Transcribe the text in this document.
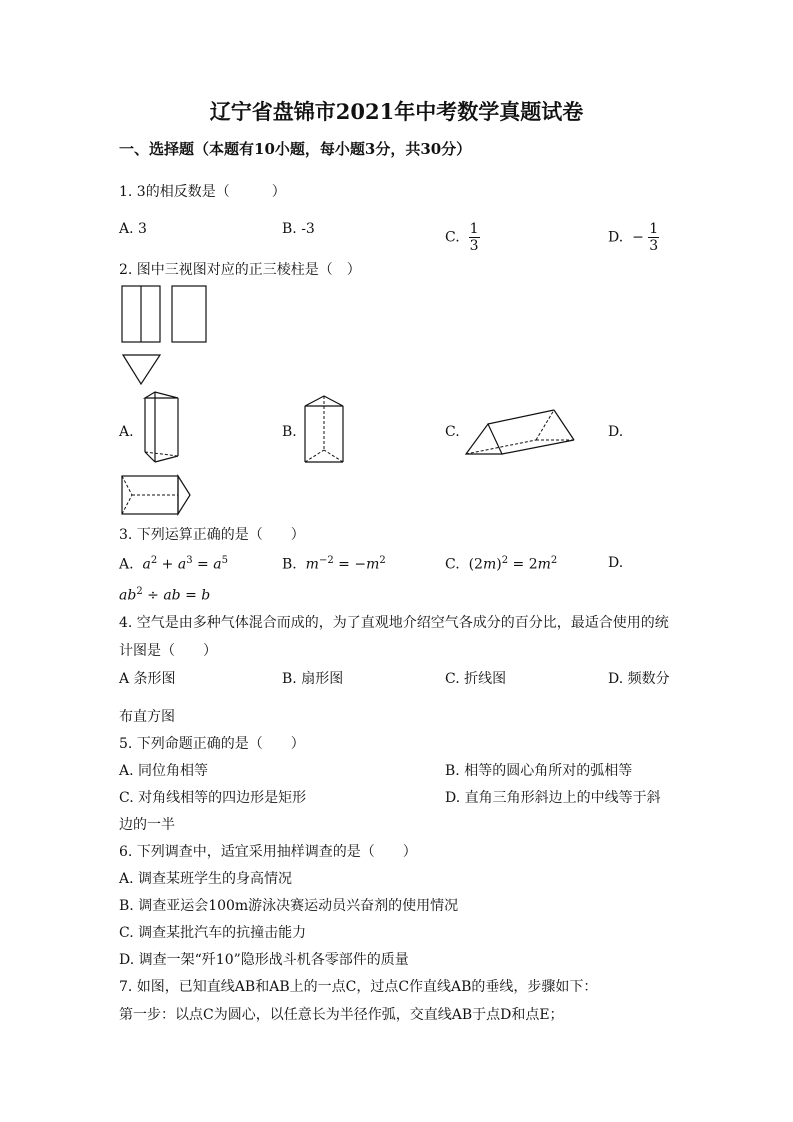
辽宁省盘锦市2021年中考数学真题试卷
一、选择题（本题有10小题，每小题3分，共30分）
1. 3的相反数是（　　　）
A. 3	B. -3
C. $\frac{1}{3}$	D. − $\frac{1}{3}$
2. 图中三视图对应的正三棱柱是（　）
A.	B.	C.	D.
3. 下列运算正确的是（　　）
A. $a^2 + a^3 = a^5$	B. $m^{-2} = -m^2$	C.  $(2m)^2 = 2m^2$	D.
$ab^2$ ÷ ab = b
4. 空气是由多种气体混合而成的，为了直观地介绍空气各成分的百分比，最适合使用的统
计图是（　　）
A 条形图	B. 扇形图	C. 折线图	D. 频数分
布直方图
5. 下列命题正确的是（　　）
A. 同位角相等	B. 相等的圆心角所对的弧相等
C. 对角线相等的四边形是矩形	D. 直角三角形斜边上的中线等于斜
边的一半
6. 下列调查中，适宜采用抽样调查的是（　　）
A. 调查某班学生的身高情况
B. 调查亚运会100m游泳决赛运动员兴奋剂的使用情况
C. 调查某批汽车的抗撞击能力
D. 调查一架“歼10”隐形战斗机各零部件的质量
7. 如图，已知直线AB和AB上的一点C，过点C作直线AB的垂线，步骤如下：
第一步：以点C为圆心，以任意长为半径作弧，交直线AB于点D和点E；
